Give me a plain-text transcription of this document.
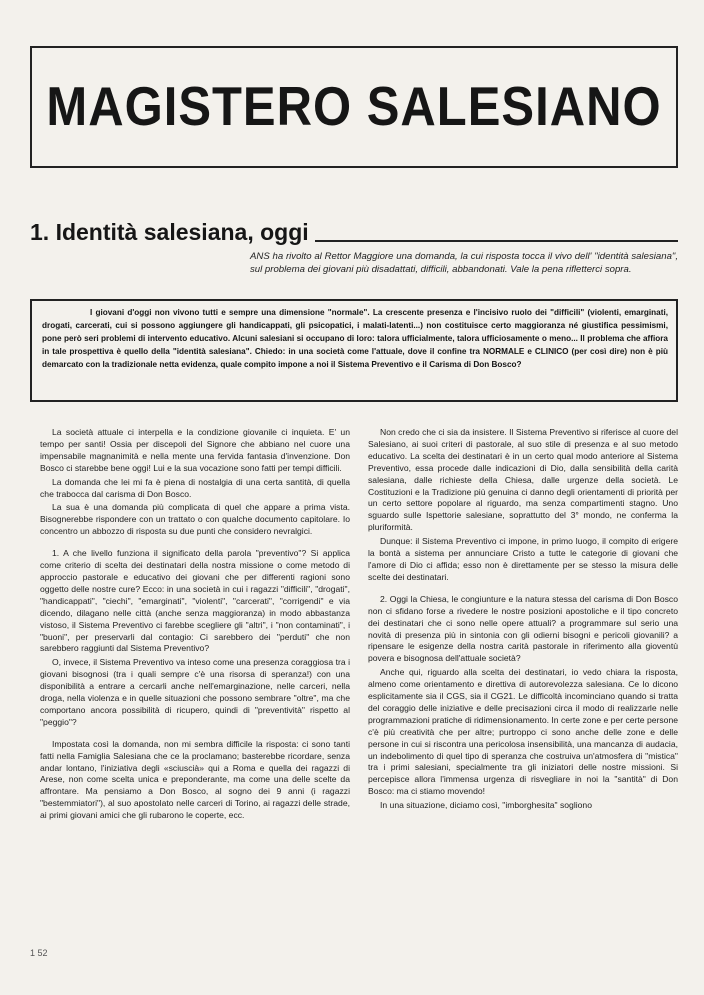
MAGISTERO SALESIANO
1. Identità salesiana, oggi

ANS ha rivolto al Rettor Maggiore una domanda, la cui risposta tocca il vivo dell' "identità salesiana", sul problema dei giovani più disadattati, difficili, abbandonati. Vale la pena rifletterci sopra.

I giovani d'oggi non vivono tutti e sempre una dimensione "normale". La crescente presenza e l'incisivo ruolo dei "difficili" (violenti, emarginati, drogati, carcerati, cui si possono aggiungere gli handicappati, gli psicopatici, i malati-latenti...) non costituisce certo maggioranza né giustifica pessimismi, pone però seri problemi di intervento educativo. Alcuni salesiani si occupano di loro: talora ufficialmente, talora ufficiosamente o meno... Il problema che affiora in tale prospettiva è quello della "identità salesiana". Chiedo: in una società come l'attuale, dove il confine tra NORMALE e CLINICO (per così dire) non è più demarcato con la tradizionale netta evidenza, quale compito impone a noi il Sistema Preventivo e il Carisma di Don Bosco?

La società attuale ci interpella e la condizione giovanile ci inquieta. E' un tempo per santi! Ossia per discepoli del Signore che abbiano nel cuore una impensabile magnanimità e nella mente una fervida fantasia d'invenzione. Don Bosco ci starebbe bene oggi! Lui e la sua vocazione sono fatti per tempi difficili.

La domanda che lei mi fa è piena di nostalgia di una certa santità, di quella che trabocca dal carisma di Don Bosco.

La sua è una domanda più complicata di quel che appare a prima vista. Bisognerebbe rispondere con un trattato o con qualche documento capitolare. Io concentro un abbozzo di risposta su due punti che considero nevralgici.

1. A che livello funziona il significato della parola "preventivo"? Si applica come criterio di scelta dei destinatari della nostra missione o come metodo di approccio pastorale e educativo dei giovani che per differenti ragioni sono oggetto delle nostre cure? Ecco: in una società in cui i ragazzi "difficili", "drogati", "handicappati", "ciechi", "emarginati", "violenti", "carcerati", "corrigendi" e via dicendo, dilagano nelle città (anche senza maggioranza) in modo abbastanza vistoso, il Sistema Preventivo ci farebbe scegliere gli "altri", i "non contaminati", i "buoni", per preservarli dal contagio: Ci sarebbero dei "perduti" che non sarebbero raggiunti dal Sistema Preventivo?

O, invece, il Sistema Preventivo va inteso come una presenza coraggiosa tra i giovani bisognosi (tra i quali sempre c'è una risorsa di speranza!) con una disponibilità a entrare a cercarli anche nell'emarginazione, nelle carceri, nella droga, nella violenza e in quelle situazioni che possono sembrare "oltre", ma che comportano ancora possibilità di ricupero, quindi di "preventività" rispetto al "peggio"?

Impostata così la domanda, non mi sembra difficile la risposta: ci sono tanti fatti nella Famiglia Salesiana che ce la proclamano; basterebbe ricordare, senza andar lontano, l'iniziativa degli «sciuscià» qui a Roma e quella dei ragazzi di Arese, non come scelta unica e preponderante, ma come una delle scelte da affrontare. Ma pensiamo a Don Bosco, al sogno dei 9 anni (i ragazzi "bestemmiatori"), al suo apostolato nelle carceri di Torino, ai ragazzi delle strade, ai primi giovani amici che gli rubarono le coperte, ecc.

Non credo che ci sia da insistere. Il Sistema Preventivo si riferisce al cuore del Salesiano, ai suoi criteri di pastorale, al suo stile di presenza e al suo metodo educativo. La scelta dei destinatari è in un certo qual modo anteriore al Sistema Preventivo, essa procede dalle indicazioni di Dio, dalla sensibilità della carità salesiana, dalle richieste della Chiesa, dalle urgenze della società. Le Costituzioni e la Tradizione più genuina ci danno degli orientamenti di priorità per un certo settore popolare al riguardo, ma senza compartimenti stagno. Uno sguardo sulle Ispettorie salesiane, soprattutto del 3° mondo, ne conferma la pluriformità.

Dunque: il Sistema Preventivo ci impone, in primo luogo, il compito di erigere la bontà a sistema per annunciare Cristo a tutte le categorie di giovani che l'amore di Dio ci affida; esso non è direttamente per se stesso la misura delle scelte dei destinatari.

2. Oggi la Chiesa, le congiunture e la natura stessa del carisma di Don Bosco non ci sfidano forse a rivedere le nostre posizioni apostoliche e il tipo concreto dei destinatari che ci sono nelle opere attuali? a programmare sul serio una novità di presenza più in sintonia con gli odierni bisogni e pericoli giovanili? a ripensare le esigenze della nostra carità pastorale in riferimento alla gioventù povera e bisognosa dell'attuale società?

Anche qui, riguardo alla scelta dei destinatari, io vedo chiara la risposta, almeno come orientamento e direttiva di autorevolezza salesiana. Ce lo dicono esplicitamente sia il CGS, sia il CG21. Le difficoltà incominciano quando si tratta del coraggio delle iniziative e delle precisazioni circa il modo di realizzarle nelle programmazioni pratiche di ridimensionamento. In certe zone e per certe persone c'è più creatività che per altre; purtroppo ci sono anche delle zone e delle persone in cui si riscontra una pericolosa insensibilità, una mancanza di audacia, un indebolimento di quel tipo di speranza che costruiva un'atmosfera di "mistica" tra i primi salesiani, specialmente tra gli iniziatori delle nostre missioni. Si percepisce allora l'immensa urgenza di risvegliare in noi la "santità" di Don Bosco: ma ci stiamo movendo!

In una situazione, diciamo così, "imborghesita" sogliono

1 52
